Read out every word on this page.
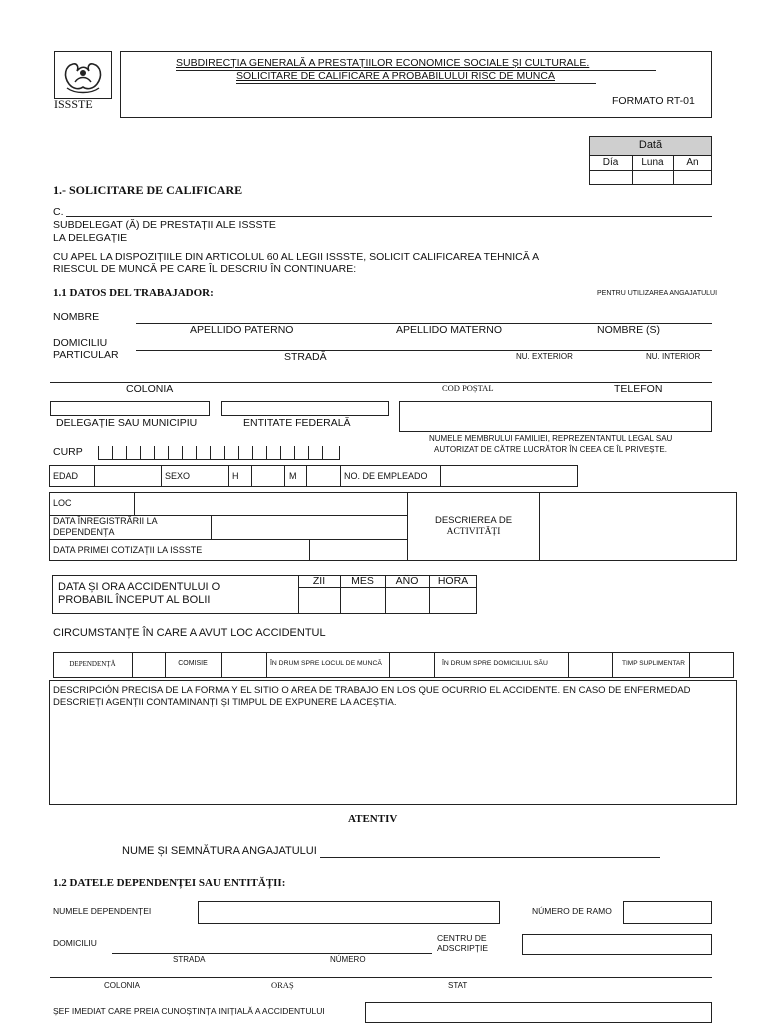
ISSSTE
SUBDIRECȚIA GENERALĂ A PRESTAȚIILOR ECONOMICE SOCIALE ȘI CULTURALE.
SOLICITARE DE CALIFICARE A PROBABILULUI RISC DE MUNCĂ
FORMATO RT-01
Dată
Día	Luna	An
1.- SOLICITARE DE CALIFICARE
C.
SUBDELEGAT (Ă) DE PRESTAȚII ALE ISSSTE
LA DELEGAȚIE
CU APEL LA DISPOZIȚIILE DIN ARTICOLUL 60 AL LEGII ISSSTE, SOLICIT CALIFICAREA TEHNICĂ A
RIESCUL DE MUNCĂ PE CARE ÎL DESCRIU ÎN CONTINUARE:
1.1 DATOS DEL TRABAJADOR:	PENTRU UTILIZAREA ANGAJATULUI
NOMBRE
APELLIDO PATERNO	APELLIDO MATERNO	NOMBRE (S)
DOMICILIU
PARTICULAR	STRADĂ	NU. EXTERIOR	NU. INTERIOR
COLONIA	COD POȘTAL	TELEFON
DELEGAȚIE SAU MUNICIPIU	ENTITATE FEDERALĂ
NUMELE MEMBRULUI FAMILIEI, REPREZENTANTUL LEGAL SAU
AUTORIZAT DE CĂTRE LUCRĂTOR ÎN CEEA CE ÎL PRIVEȘTE.
CURP
EDAD	SEXO	H	M	NO. DE EMPLEADO
LOC
DATA ÎNREGISTRĂRII LA
DEPENDENȚA
DATA PRIMEI COTIZAȚII LA ISSSTE
DESCRIEREA DE
ACTIVITĂȚI
DATA ȘI ORA ACCIDENTULUI O
PROBABIL ÎNCEPUT AL BOLII
ZII	MES	AÑO	HORA
CIRCUMSTANȚE ÎN CARE A AVUT LOC ACCIDENTUL
DEPENDENȚĂ	COMISIE	ÎN DRUM SPRE LOCUL DE MUNCĂ	ÎN DRUM SPRE DOMICILIUL SĂU	TIMP SUPLIMENTAR
DESCRIPCIÓN PRECISA DE LA FORMA Y EL SITIO O AREA DE TRABAJO EN LOS QUE OCURRIO EL ACCIDENTE. EN CASO DE ENFERMEDAD
DESCRIEȚI AGENȚII CONTAMINANȚI ȘI TIMPUL DE EXPUNERE LA ACEȘTIA.
ATENTIV
NUME ȘI SEMNĂTURA ANGAJATULUI
1.2 DATELE DEPENDENȚEI SAU ENTITĂȚII:
NUMELE DEPENDENȚEI	NÚMERO DE RAMO
DOMICILIU	CENTRU DE
ADSCRIPȚIE
STRADA	NÚMERO
COLONIA	ORAȘ	STAT
ȘEF IMEDIAT CARE PREIA CUNOȘTINȚA INIȚIALĂ A ACCIDENTULUI
